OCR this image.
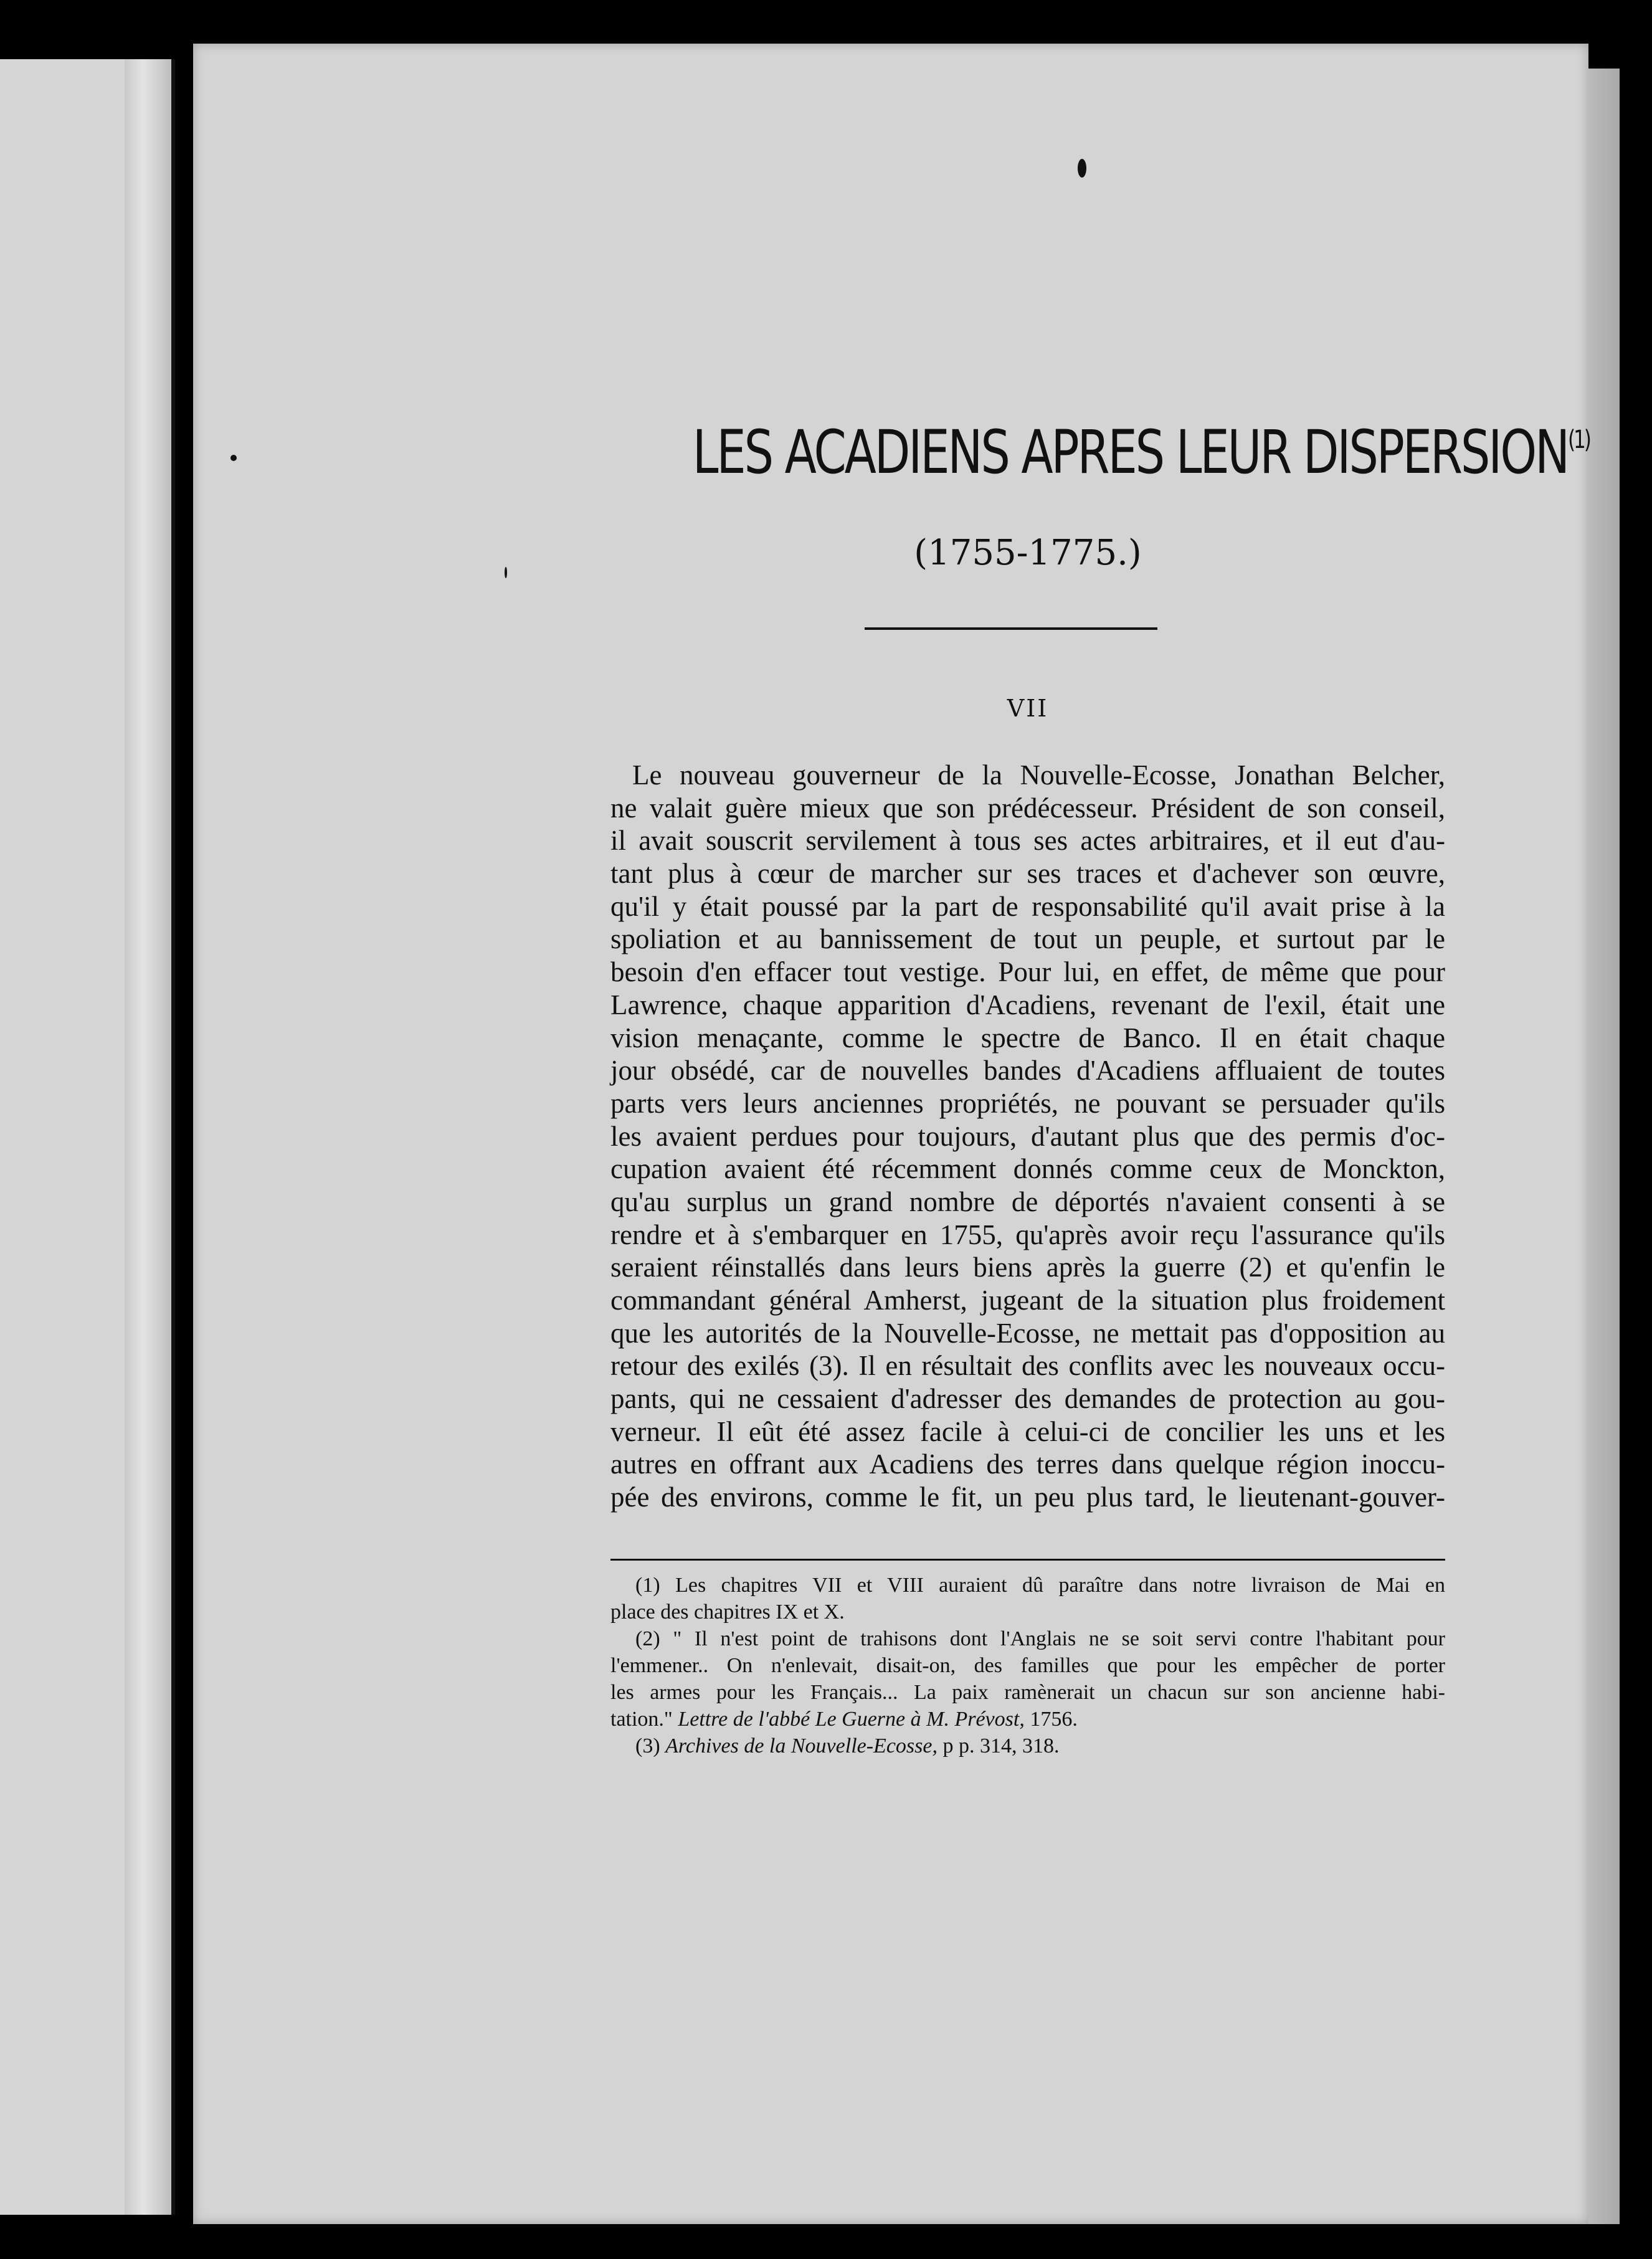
LES ACADIENS APRES LEUR DISPERSION$^{(1)}$
(1755-1775.)
VII
Le nouveau gouverneur de la Nouvelle-Ecosse, Jonathan Belcher,
ne valait guère mieux que son prédécesseur. Président de son conseil,
il avait souscrit servilement à tous ses actes arbitraires, et il eut d'au-
tant plus à cœur de marcher sur ses traces et d'achever son œuvre,
qu'il y était poussé par la part de responsabilité qu'il avait prise à la
spoliation et au bannissement de tout un peuple, et surtout par le
besoin d'en effacer tout vestige. Pour lui, en effet, de même que pour
Lawrence, chaque apparition d'Acadiens, revenant de l'exil, était une
vision menaçante, comme le spectre de Banco. Il en était chaque
jour obsédé, car de nouvelles bandes d'Acadiens affluaient de toutes
parts vers leurs anciennes propriétés, ne pouvant se persuader qu'ils
les avaient perdues pour toujours, d'autant plus que des permis d'oc-
cupation avaient été récemment donnés comme ceux de Monckton,
qu'au surplus un grand nombre de déportés n'avaient consenti à se
rendre et à s'embarquer en 1755, qu'après avoir reçu l'assurance qu'ils
seraient réinstallés dans leurs biens après la guerre (2) et qu'enfin le
commandant général Amherst, jugeant de la situation plus froidement
que les autorités de la Nouvelle-Ecosse, ne mettait pas d'opposition au
retour des exilés (3). Il en résultait des conflits avec les nouveaux occu-
pants, qui ne cessaient d'adresser des demandes de protection au gou-
verneur. Il eût été assez facile à celui-ci de concilier les uns et les
autres en offrant aux Acadiens des terres dans quelque région inoccu-
pée des environs, comme le fit, un peu plus tard, le lieutenant-gouver-
(1) Les chapitres VII et VIII auraient dû paraître dans notre livraison de Mai en
place des chapitres IX et X.
(2) " Il n'est point de trahisons dont l'Anglais ne se soit servi contre l'habitant pour
l'emmener.. On n'enlevait, disait-on, des familles que pour les empêcher de porter
les armes pour les Français... La paix ramènerait un chacun sur son ancienne habi-
tation." Lettre de l'abbé Le Guerne à M. Prévost, 1756.
(3) Archives de la Nouvelle-Ecosse, p p. 314, 318.
